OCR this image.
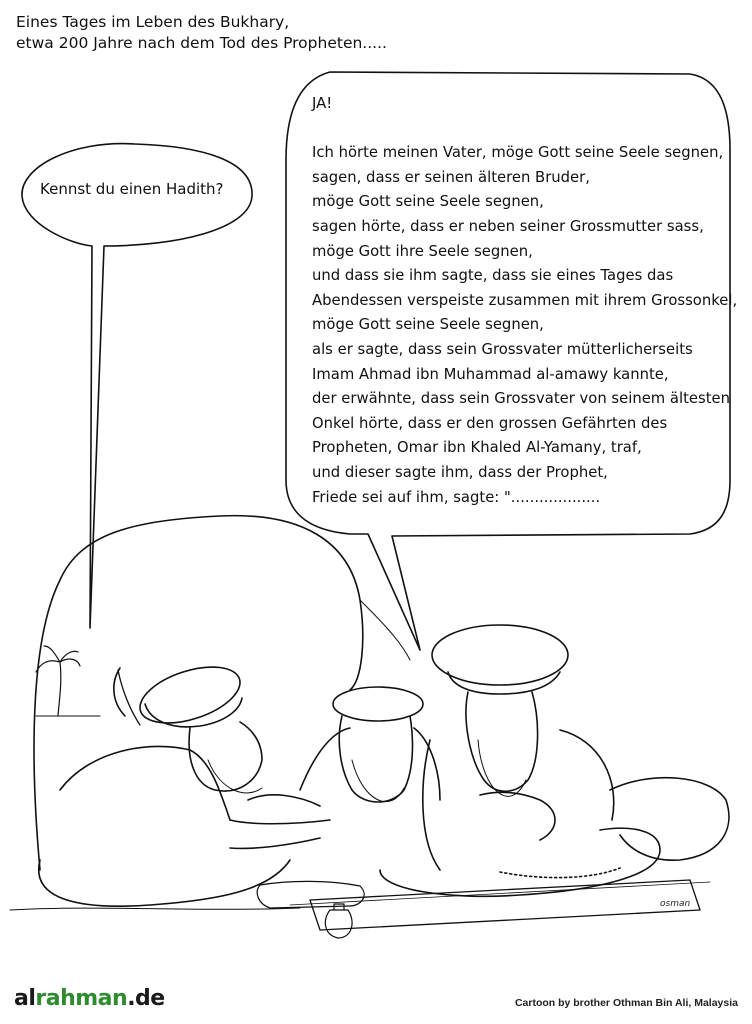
Eines Tages im Leben des Bukhary,
etwa 200 Jahre nach dem Tod des Propheten.....
osman
Kennst du einen Hadith?
JA!

Ich hörte meinen Vater, möge Gott seine Seele segnen,
sagen, dass er seinen älteren Bruder,
möge Gott seine Seele segnen,
sagen hörte, dass er neben seiner Grossmutter sass,
möge Gott ihre Seele segnen,
und dass sie ihm sagte, dass sie eines Tages das
Abendessen verspeiste zusammen mit ihrem Grossonkel,
möge Gott seine Seele segnen,
als er sagte, dass sein Grossvater mütterlicherseits
Imam Ahmad ibn Muhammad al-amawy kannte,
der erwähnte, dass sein Grossvater von seinem ältesten
Onkel hörte, dass er den grossen Gefährten des
Propheten, Omar ibn Khaled Al-Yamany, traf,
und dieser sagte ihm, dass der Prophet,
Friede sei auf ihm, sagte: "...................
alrahman.de	Cartoon by brother Othman Bin Ali, Malaysia
